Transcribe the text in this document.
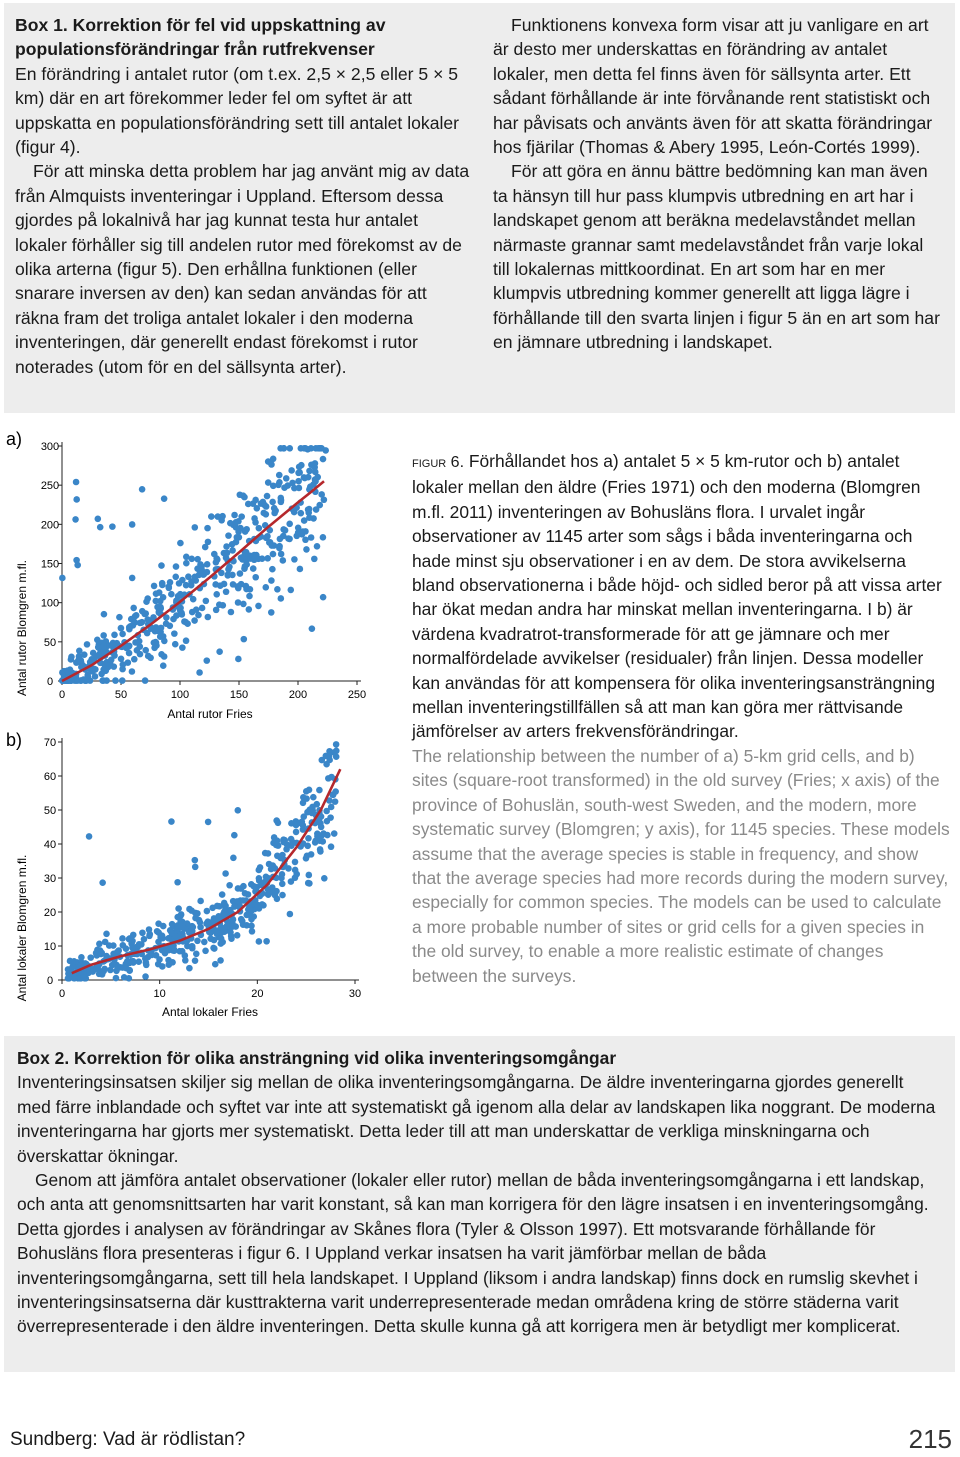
Box 1. Korrektion för fel vid uppskattning av

populationsförändringar från rutfrekvenser

En förändring i antalet rutor (om t.ex. 2,5 × 2,5 eller 5 × 5 km) där en art förekommer leder fel om syftet är att uppskatta en populationsförändring sett till antalet lokaler (figur 4).

För att minska detta problem har jag använt mig av data från Almquists inventeringar i Uppland. Eftersom dessa gjordes på lokalnivå har jag kunnat testa hur antalet lokaler förhåller sig till andelen rutor med förekomst av de olika arterna (figur 5). Den erhållna funktionen (eller snarare inversen av den) kan sedan användas för att räkna fram det troliga antalet lokaler i den moderna inventeringen, där generellt endast förekomst i rutor noterades (utom för en del sällsynta arter).

Funktionens konvexa form visar att ju vanligare en art är desto mer underskattas en förändring av antalet lokaler, men detta fel finns även för sällsynta arter. Ett sådant förhållande är inte förvånande rent statistiskt och har påvisats och använts även för att skatta förändringar hos fjärilar (Thomas & Abery 1995, León-Cortés 1999).

För att göra en ännu bättre bedömning kan man även ta hänsyn till hur pass klumpvis utbredning en art har i landskapet genom att beräkna medelavståndet mellan närmaste grannar samt medelavståndet från varje lokal till lokalernas mittkoordinat. En art som har en mer klumpvis utbredning kommer generellt att ligga lägre i förhållande till den svarta linjen i figur 5 än en art som har en jämnare utbredning i landskapet.

a)
Antal rutor Blomgren m.fl.
Antal rutor Fries
0	50	100	150	200	250
0
50
100
150
200
250
300
b)
Antal lokaler Blomgren m.fl.
Antal lokaler Fries
0	10	20	30
0
10
20
30
40
50
60
70

figur 6. Förhållandet hos a) antalet 5 × 5 km-rutor och b) antalet lokaler mellan den äldre (Fries 1971) och den moderna (Blomgren m.fl. 2011) inventeringen av Bohusläns flora. I urvalet ingår observationer av 1145 arter som sågs i båda inventeringarna och hade minst sju observationer i en av dem. De stora avvikelserna bland observationerna i både höjd- och sidled beror på att vissa arter har ökat medan andra har minskat mellan inventeringarna. I b) är värdena kvadratrot-transformerade för att ge jämnare och mer normalfördelade avvikelser (residualer) från linjen. Dessa modeller kan användas för att kompensera för olika inventeringsansträngning mellan inventeringstillfällen så att man kan göra mer rättvisande jämförelser av arters frekvensförändringar.

The relationship between the number of a) 5-km grid cells, and b) sites (square-root transformed) in the old survey (Fries; x axis) of the province of Bohuslän, south-west Sweden, and the modern, more systematic survey (Blomgren; y axis), for 1145 species. These models assume that the average species is stable in frequency, and show that the average species had more records during the modern survey, especially for common species. The models can be used to calculate a more probable number of sites or grid cells for a given species in the old survey, to enable a more realistic estimate of changes between the surveys.

Box 2. Korrektion för olika ansträngning vid olika inventeringsomgångar

Inventeringsinsatsen skiljer sig mellan de olika inventeringsomgångarna. De äldre inventeringarna gjordes generellt med färre inblandade och syftet var inte att systematiskt gå igenom alla delar av landskapen lika noggrant. De moderna inventeringarna har gjorts mer systematiskt. Detta leder till att man underskattar de verkliga minskningarna och överskattar ökningar.

Genom att jämföra antalet observationer (lokaler eller rutor) mellan de båda inventeringsomgångarna i ett landskap, och anta att genomsnittsarten har varit konstant, så kan man korrigera för den lägre insatsen i en inventeringsomgång. Detta gjordes i analysen av förändringar av Skånes flora (Tyler & Olsson 1997). Ett motsvarande förhållande för Bohusläns flora presenteras i figur 6. I Uppland verkar insatsen ha varit jämförbar mellan de båda inventeringsomgångarna, sett till hela landskapet. I Uppland (liksom i andra landskap) finns dock en rumslig skevhet i inventeringsinsatserna där kusttrakterna varit underrepresenterade medan områdena kring de större städerna varit överrepresenterade i den äldre inventeringen. Detta skulle kunna gå att korrigera men är betydligt mer komplicerat.

Sundberg: Vad är rödlistan?	215
